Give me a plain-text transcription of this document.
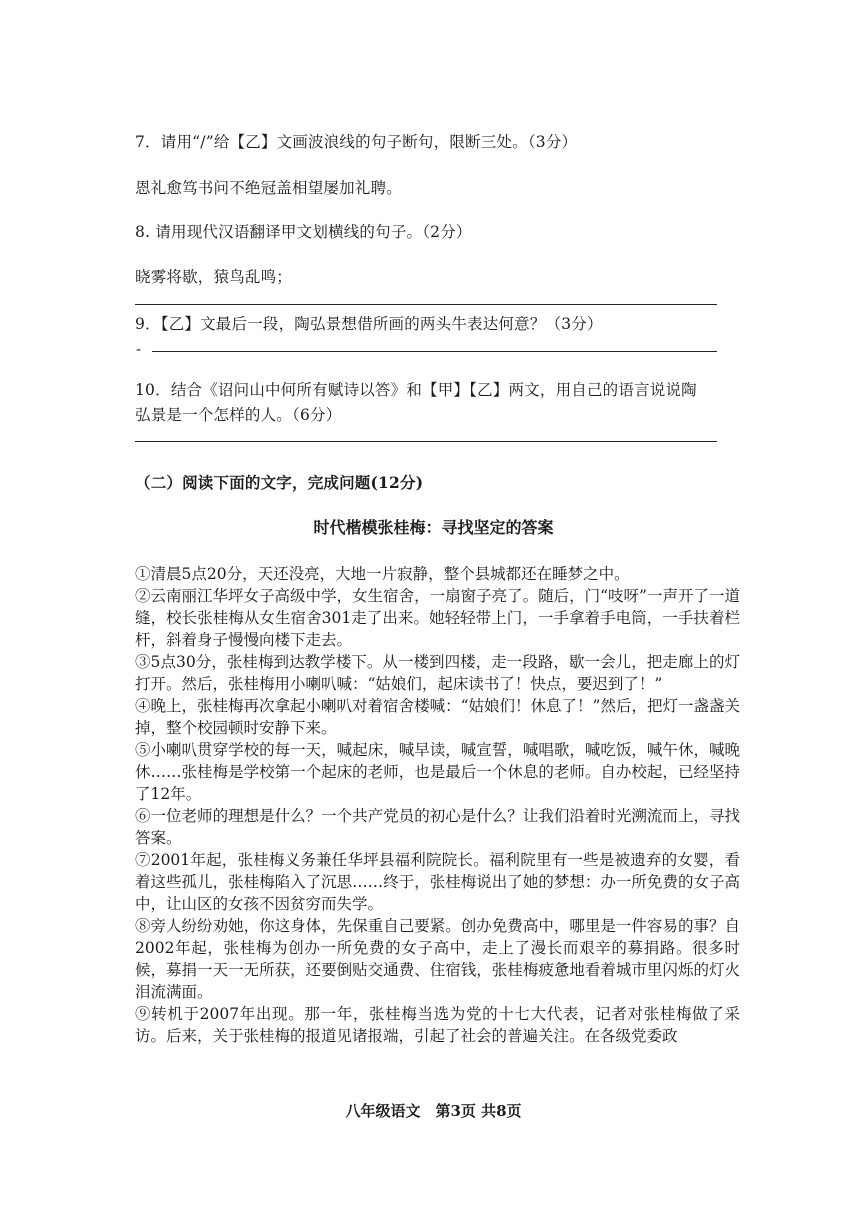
7．请用“/”给【乙】文画波浪线的句子断句，限断三处。（3分）
恩礼愈笃书问不绝冠盖相望屡加礼聘。
8. 请用现代汉语翻译甲文划横线的句子。（2分）
晓雾将歇，猿鸟乱鸣；
9．【乙】文最后一段，陶弘景想借所画的两头牛表达何意？（3分）
-
10．结合《诏问山中何所有赋诗以答》和【甲】【乙】两文，用自己的语言说说陶
弘景是一个怎样的人。（6分）
（二）阅读下面的文字，完成问题(12分)
时代楷模张桂梅：寻找坚定的答案
①清晨5点20分，天还没亮，大地一片寂静，整个县城都还在睡梦之中。
②云南丽江华坪女子高级中学，女生宿舍，一扇窗子亮了。随后，门“吱呀”一声开了一道缝，校长张桂梅从女生宿舍301走了出来。她轻轻带上门，一手拿着手电筒，一手扶着栏杆，斜着身子慢慢向楼下走去。
③5点30分，张桂梅到达教学楼下。从一楼到四楼，走一段路，歇一会儿，把走廊上的灯打开。然后，张桂梅用小喇叭喊：“姑娘们，起床读书了！快点，要迟到了！”
④晚上，张桂梅再次拿起小喇叭对着宿舍楼喊：“姑娘们！休息了！”然后，把灯一盏盏关掉，整个校园顿时安静下来。
⑤小喇叭贯穿学校的每一天，喊起床，喊早读，喊宣誓，喊唱歌，喊吃饭，喊午休，喊晚休……张桂梅是学校第一个起床的老师，也是最后一个休息的老师。自办校起，已经坚持了12年。
⑥一位老师的理想是什么？一个共产党员的初心是什么？让我们沿着时光溯流而上，寻找答案。
⑦2001年起，张桂梅义务兼任华坪县福利院院长。福利院里有一些是被遗弃的女婴，看着这些孤儿，张桂梅陷入了沉思……终于，张桂梅说出了她的梦想：办一所免费的女子高中，让山区的女孩不因贫穷而失学。
⑧旁人纷纷劝她，你这身体，先保重自己要紧。创办免费高中，哪里是一件容易的事？自2002年起，张桂梅为创办一所免费的女子高中，走上了漫长而艰辛的募捐路。很多时候，募捐一天一无所获，还要倒贴交通费、住宿钱，张桂梅疲惫地看着城市里闪烁的灯火泪流满面。
⑨转机于2007年出现。那一年，张桂梅当选为党的十七大代表，记者对张桂梅做了采访。后来，关于张桂梅的报道见诸报端，引起了社会的普遍关注。在各级党委政
八年级语文　第3页 共8页
